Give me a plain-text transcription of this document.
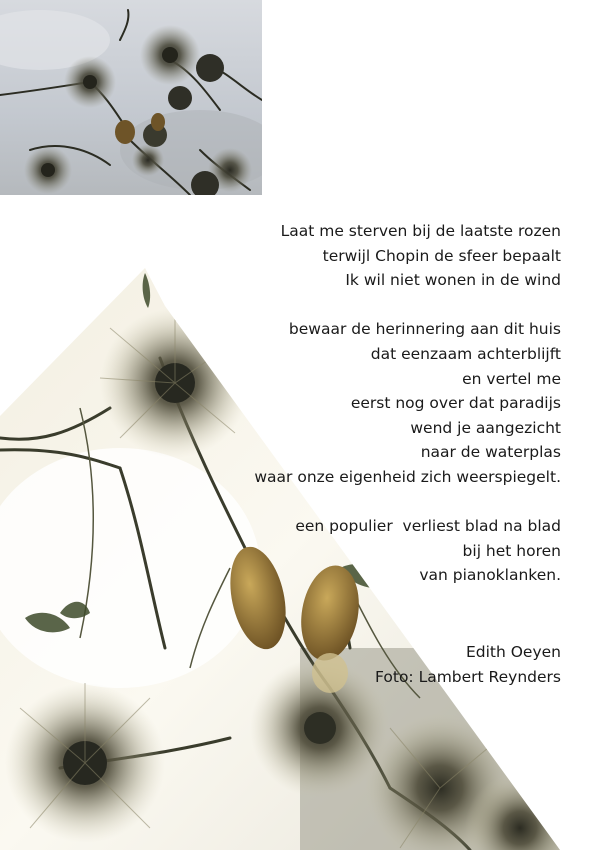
Laat me sterven bij de laatste rozen
terwijl Chopin de sfeer bepaalt
Ik wil niet wonen in de wind
bewaar de herinnering aan dit huis
dat eenzaam achterblijft
en vertel me
eerst nog over dat paradijs
wend je aangezicht
naar de waterplas
waar onze eigenheid zich weerspiegelt.
een populier  verliest blad na blad
bij het horen
van pianoklanken.
Edith Oeyen
Foto: Lambert Reynders
